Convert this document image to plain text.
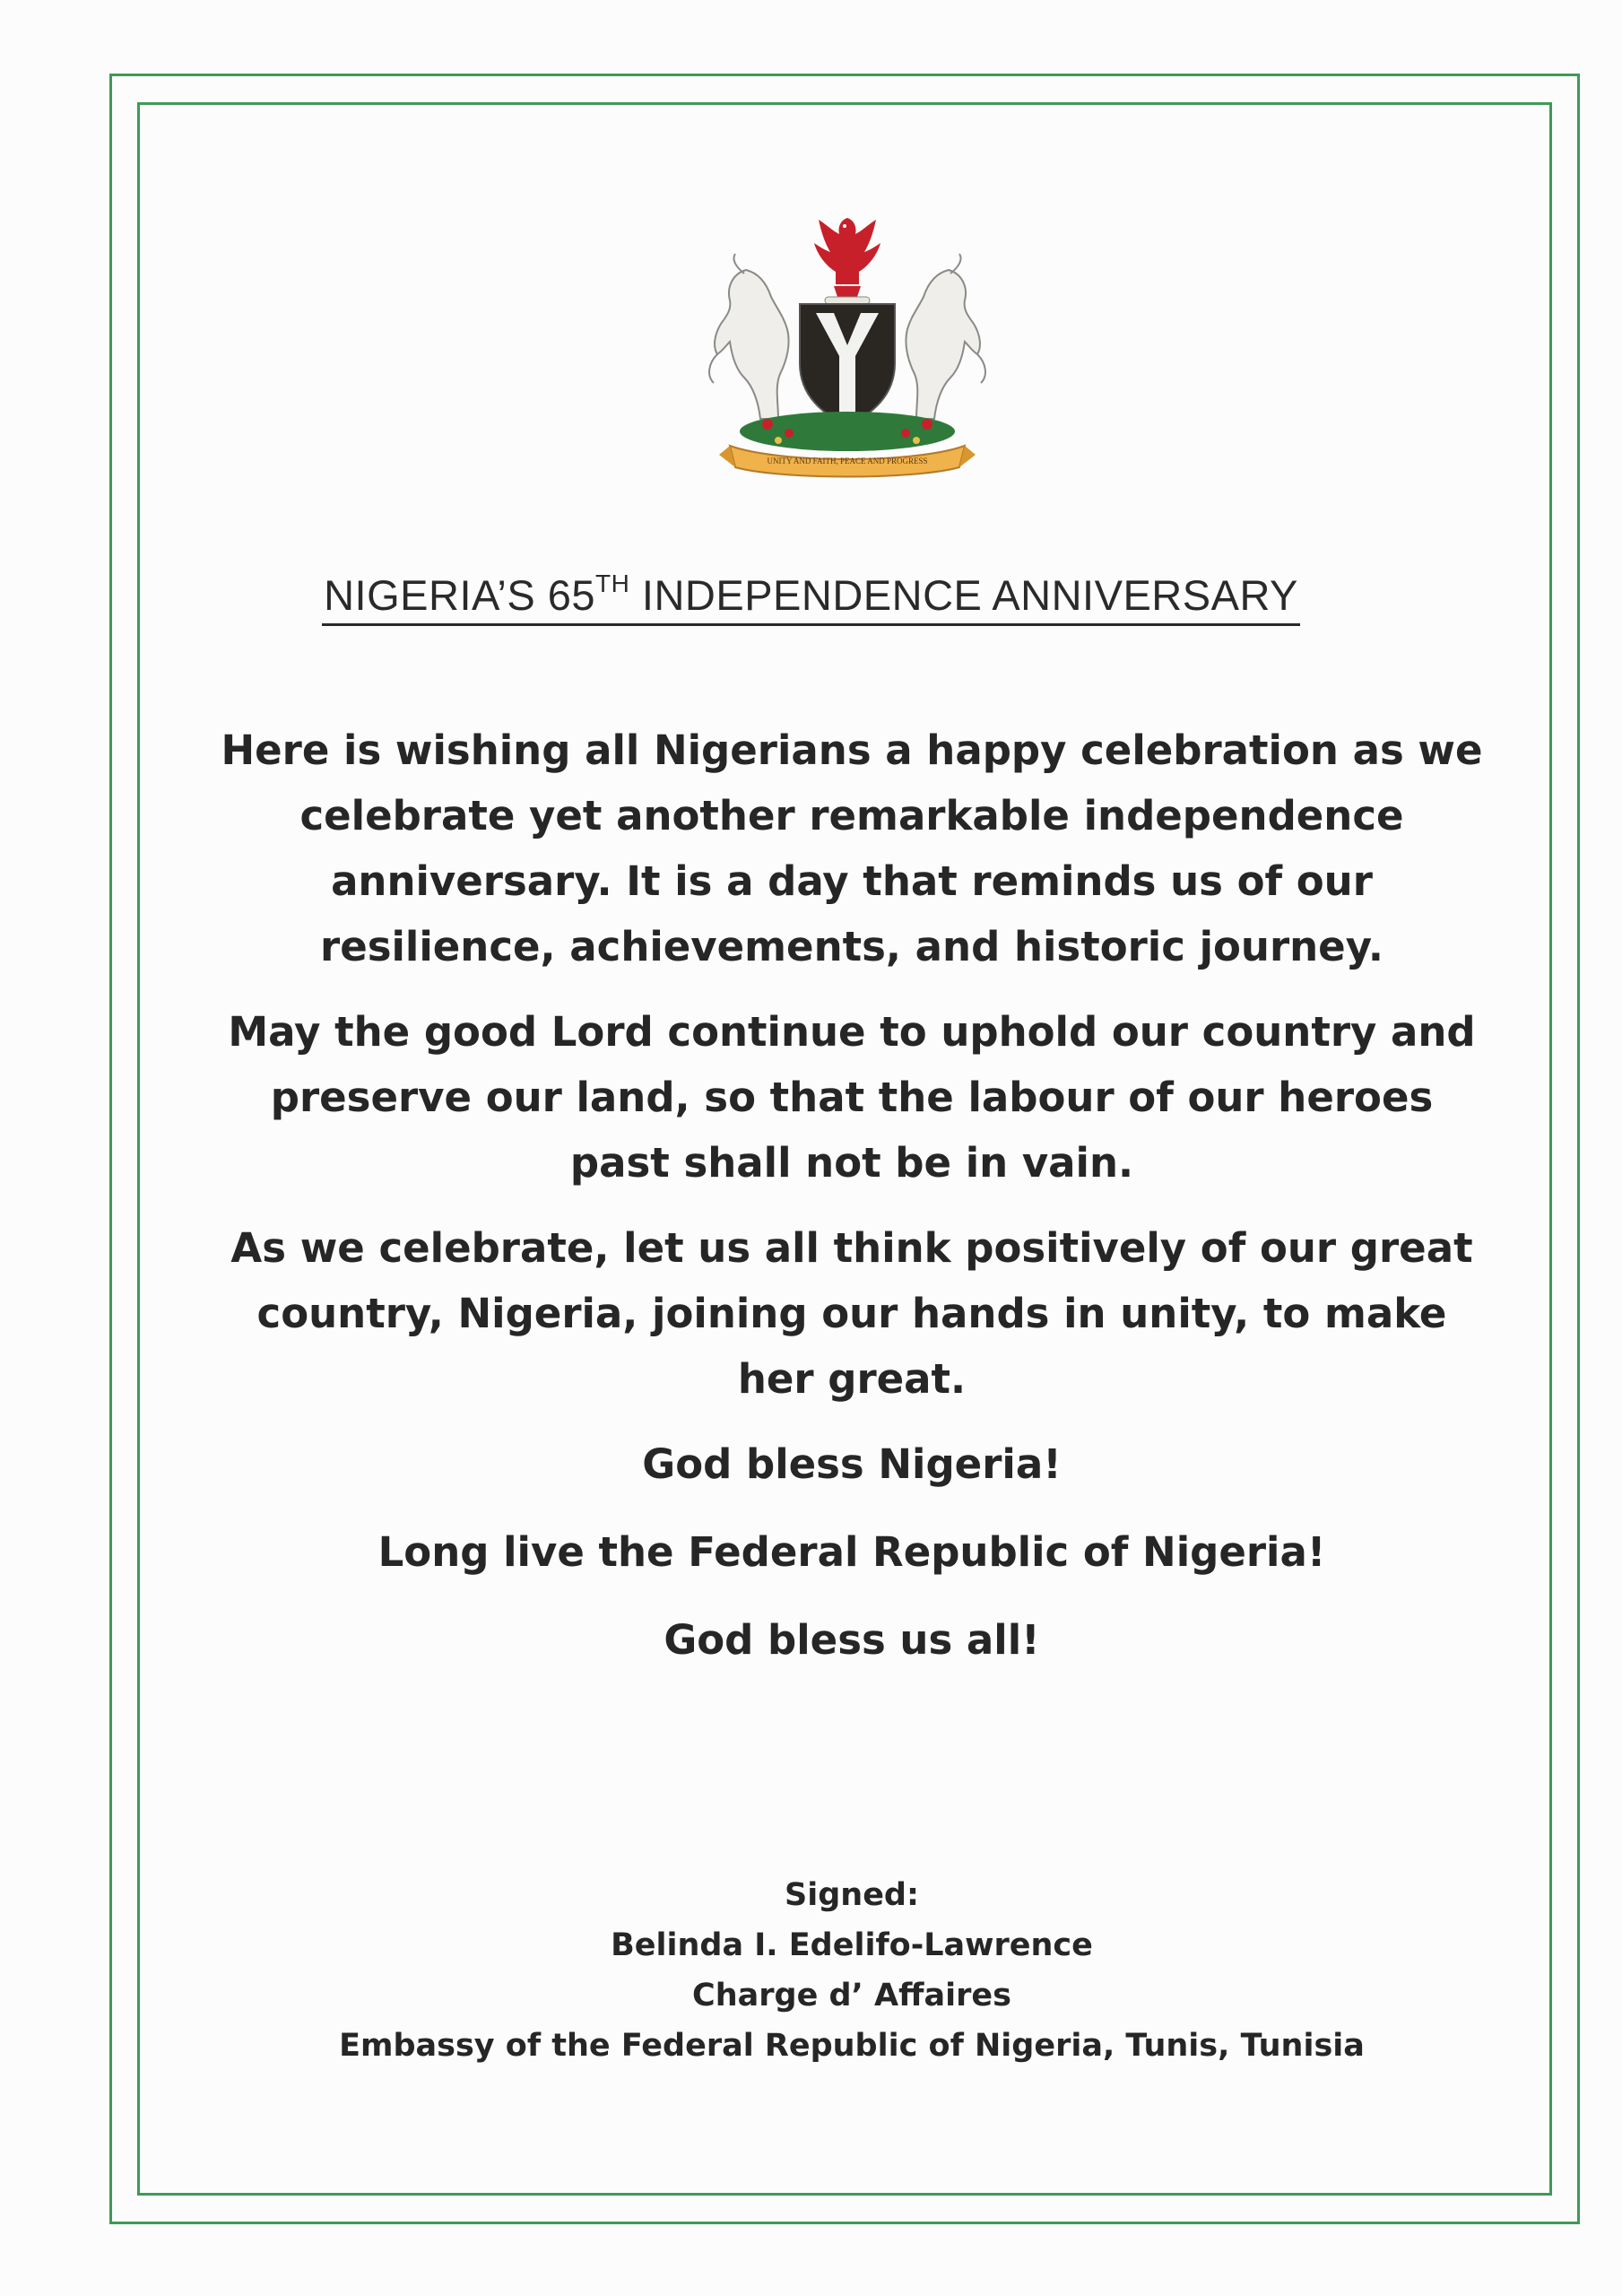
UNITY AND FAITH, PEACE AND PROGRESS
NIGERIA’S 65TH INDEPENDENCE ANNIVERSARY

Here is wishing all Nigerians a happy celebration as we celebrate yet another remarkable independence anniversary. It is a day that reminds us of our resilience, achievements, and historic journey.

May the good Lord continue to uphold our country and preserve our land, so that the labour of our heroes past shall not be in vain.

As we celebrate, let us all think positively of our great country, Nigeria, joining our hands in unity, to make her great.

God bless Nigeria!

Long live the Federal Republic of Nigeria!

God bless us all!

Signed:
Belinda I. Edelifo-Lawrence
Charge d’ Affaires
Embassy of the Federal Republic of Nigeria, Tunis, Tunisia
